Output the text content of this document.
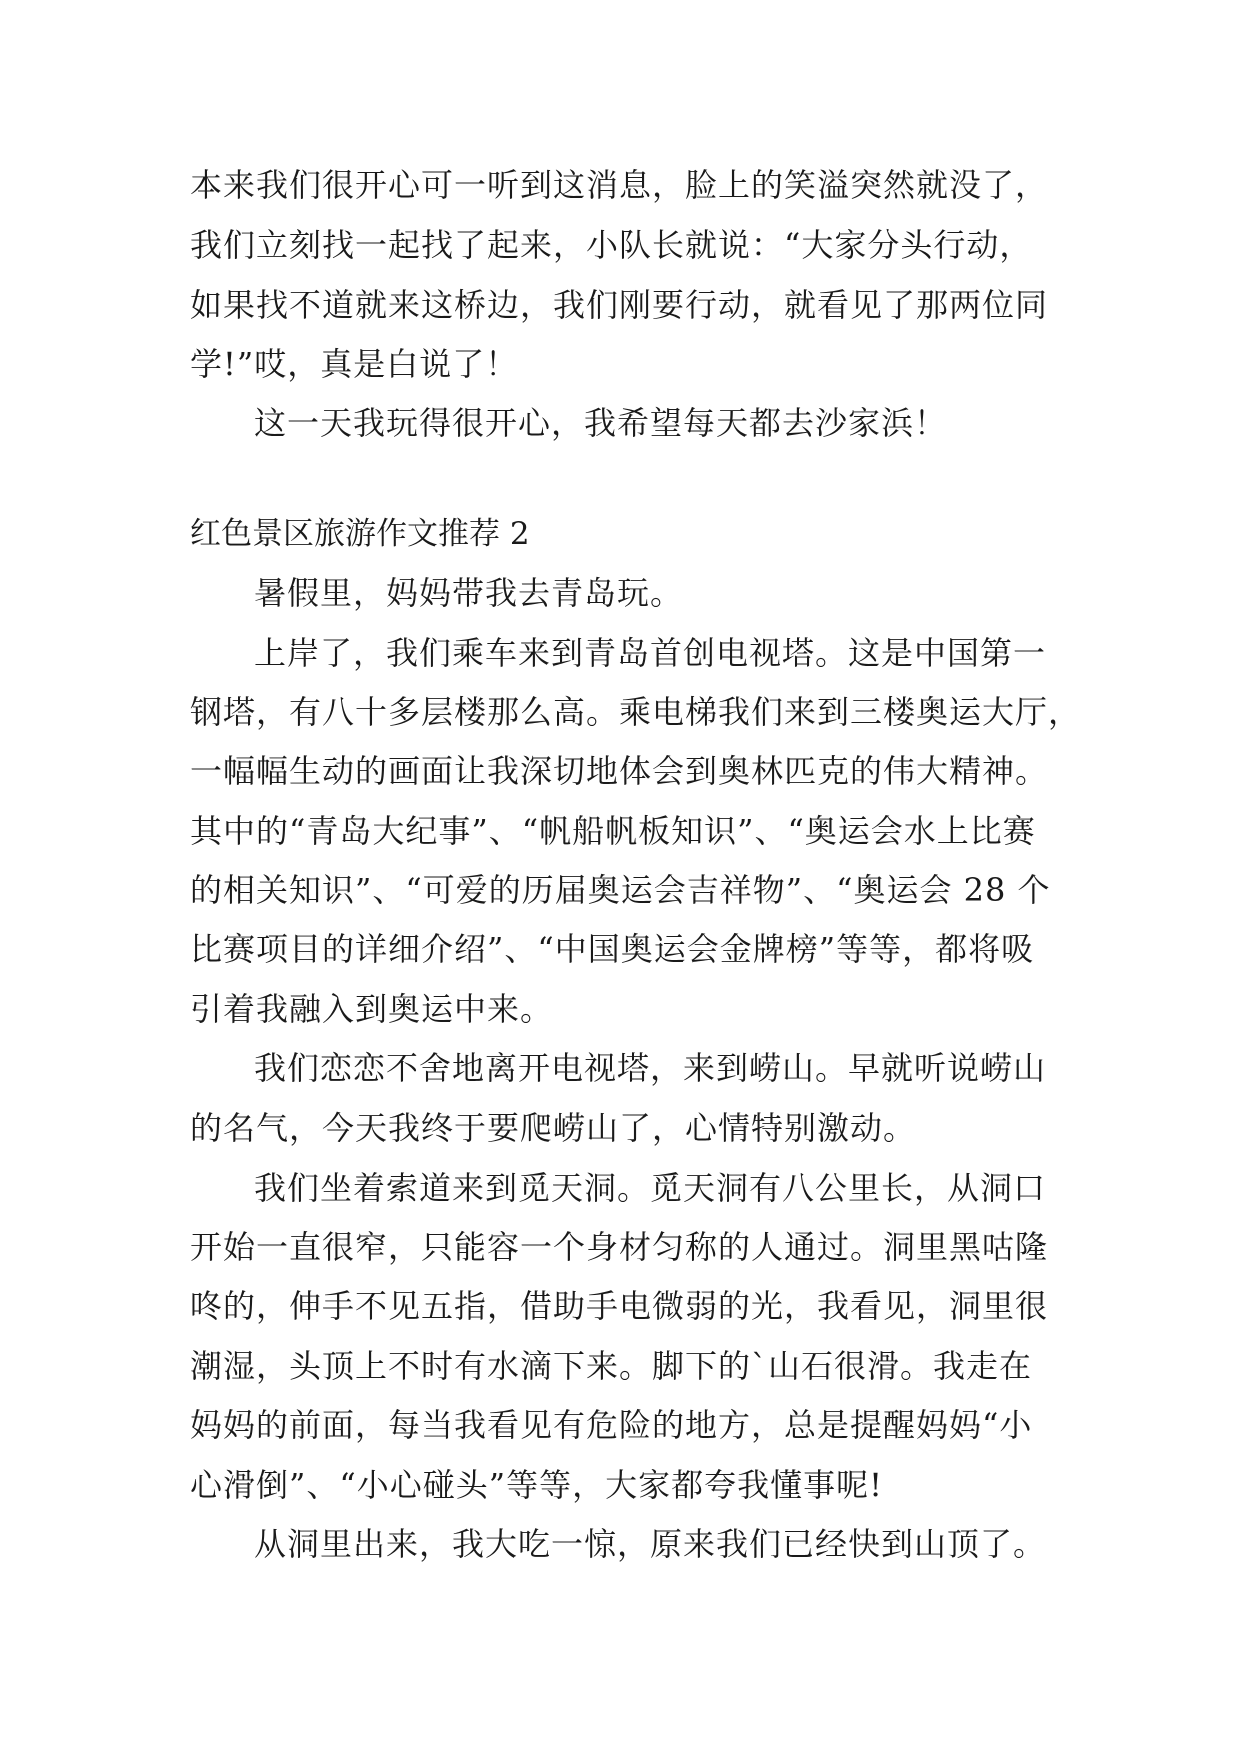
本来我们很开心可一听到这消息，脸上的笑溢突然就没了，
我们立刻找一起找了起来，小队长就说：“大家分头行动，
如果找不道就来这桥边，我们刚要行动，就看见了那两位同
学!”哎，真是白说了！
这一天我玩得很开心，我希望每天都去沙家浜！
红色景区旅游作文推荐 2
暑假里，妈妈带我去青岛玩。
上岸了，我们乘车来到青岛首创电视塔。这是中国第一
钢塔，有八十多层楼那么高。乘电梯我们来到三楼奥运大厅，
一幅幅生动的画面让我深切地体会到奥林匹克的伟大精神。
其中的“青岛大纪事”、“帆船帆板知识”、“奥运会水上比赛
的相关知识”、“可爱的历届奥运会吉祥物”、“奥运会 28 个
比赛项目的详细介绍”、“中国奥运会金牌榜”等等，都将吸
引着我融入到奥运中来。
我们恋恋不舍地离开电视塔，来到崂山。早就听说崂山
的名气，今天我终于要爬崂山了，心情特别激动。
我们坐着索道来到觅天洞。觅天洞有八公里长，从洞口
开始一直很窄，只能容一个身材匀称的人通过。洞里黑咕隆
咚的，伸手不见五指，借助手电微弱的光，我看见，洞里很
潮湿，头顶上不时有水滴下来。脚下的`山石很滑。我走在
妈妈的前面，每当我看见有危险的地方，总是提醒妈妈“小
心滑倒”、“小心碰头”等等，大家都夸我懂事呢!
从洞里出来，我大吃一惊，原来我们已经快到山顶了。
